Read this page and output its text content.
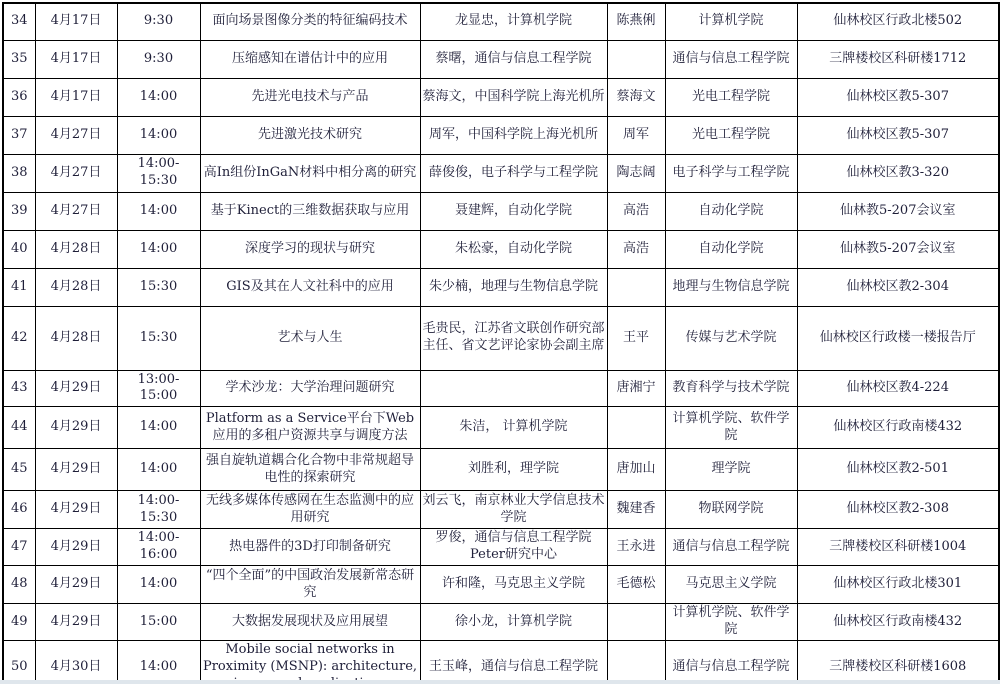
34	4月17日	9:30	面向场景图像分类的特征编码技术	龙显忠，计算机学院	陈燕俐	计算机学院	仙林校区行政北楼502
35	4月17日	9:30	压缩感知在谱估计中的应用	蔡曙，通信与信息工程学院		通信与信息工程学院	三牌楼校区科研楼1712
36	4月17日	14:00	先进光电技术与产品	蔡海文，中国科学院上海光机所	蔡海文	光电工程学院	仙林校区教5-307
37	4月27日	14:00	先进激光技术研究	周军，中国科学院上海光机所	周军	光电工程学院	仙林校区教5-307
38	4月27日	14:00-15:30	高In组份InGaN材料中相分离的研究	薛俊俊，电子科学与工程学院	陶志阔	电子科学与工程学院	仙林校区教3-320
39	4月27日	14:00	基于Kinect的三维数据获取与应用	聂建辉，自动化学院	高浩	自动化学院	仙林教5-207会议室
40	4月28日	14:00	深度学习的现状与研究	朱松豪，自动化学院	高浩	自动化学院	仙林教5-207会议室
41	4月28日	15:30	GIS及其在人文社科中的应用	朱少楠，地理与生物信息学院		地理与生物信息学院	仙林校区教2-304
42	4月28日	15:30	艺术与人生	毛贵民，江苏省文联创作研究部主任、省文艺评论家协会副主席	王平	传媒与艺术学院	仙林校区行政楼一楼报告厅
43	4月29日	13:00-15:00	学术沙龙：大学治理问题研究		唐湘宁	教育科学与技术学院	仙林校区教4-224
44	4月29日	14:00	Platform as a Service平台下Web应用的多租户资源共享与调度方法	朱洁， 计算机学院		计算机学院、软件学院	仙林校区行政南楼432
45	4月29日	14:00	强自旋轨道耦合化合物中非常规超导电性的探索研究	刘胜利，理学院	唐加山	理学院	仙林校区教2-501
46	4月29日	14:00-15:30	无线多媒体传感网在生态监测中的应用研究	刘云飞，南京林业大学信息技术学院	魏建香	物联网学院	仙林校区教2-308
47	4月29日	14:00-16:00	热电器件的3D打印制备研究	罗俊，通信与信息工程学院Peter研究中心	王永进	通信与信息工程学院	三牌楼校区科研楼1004
48	4月29日	14:00	“四个全面”的中国政治发展新常态研究	许和隆，马克思主义学院	毛德松	马克思主义学院	仙林校区行政北楼301
49	4月29日	15:00	大数据发展现状及应用展望	徐小龙，计算机学院		计算机学院、软件学院	仙林校区行政南楼432
50	4月30日	14:00	Mobile social networks in Proximity (MSNP): architecture,	王玉峰，通信与信息工程学院		通信与信息工程学院	三牌楼校区科研楼1608
